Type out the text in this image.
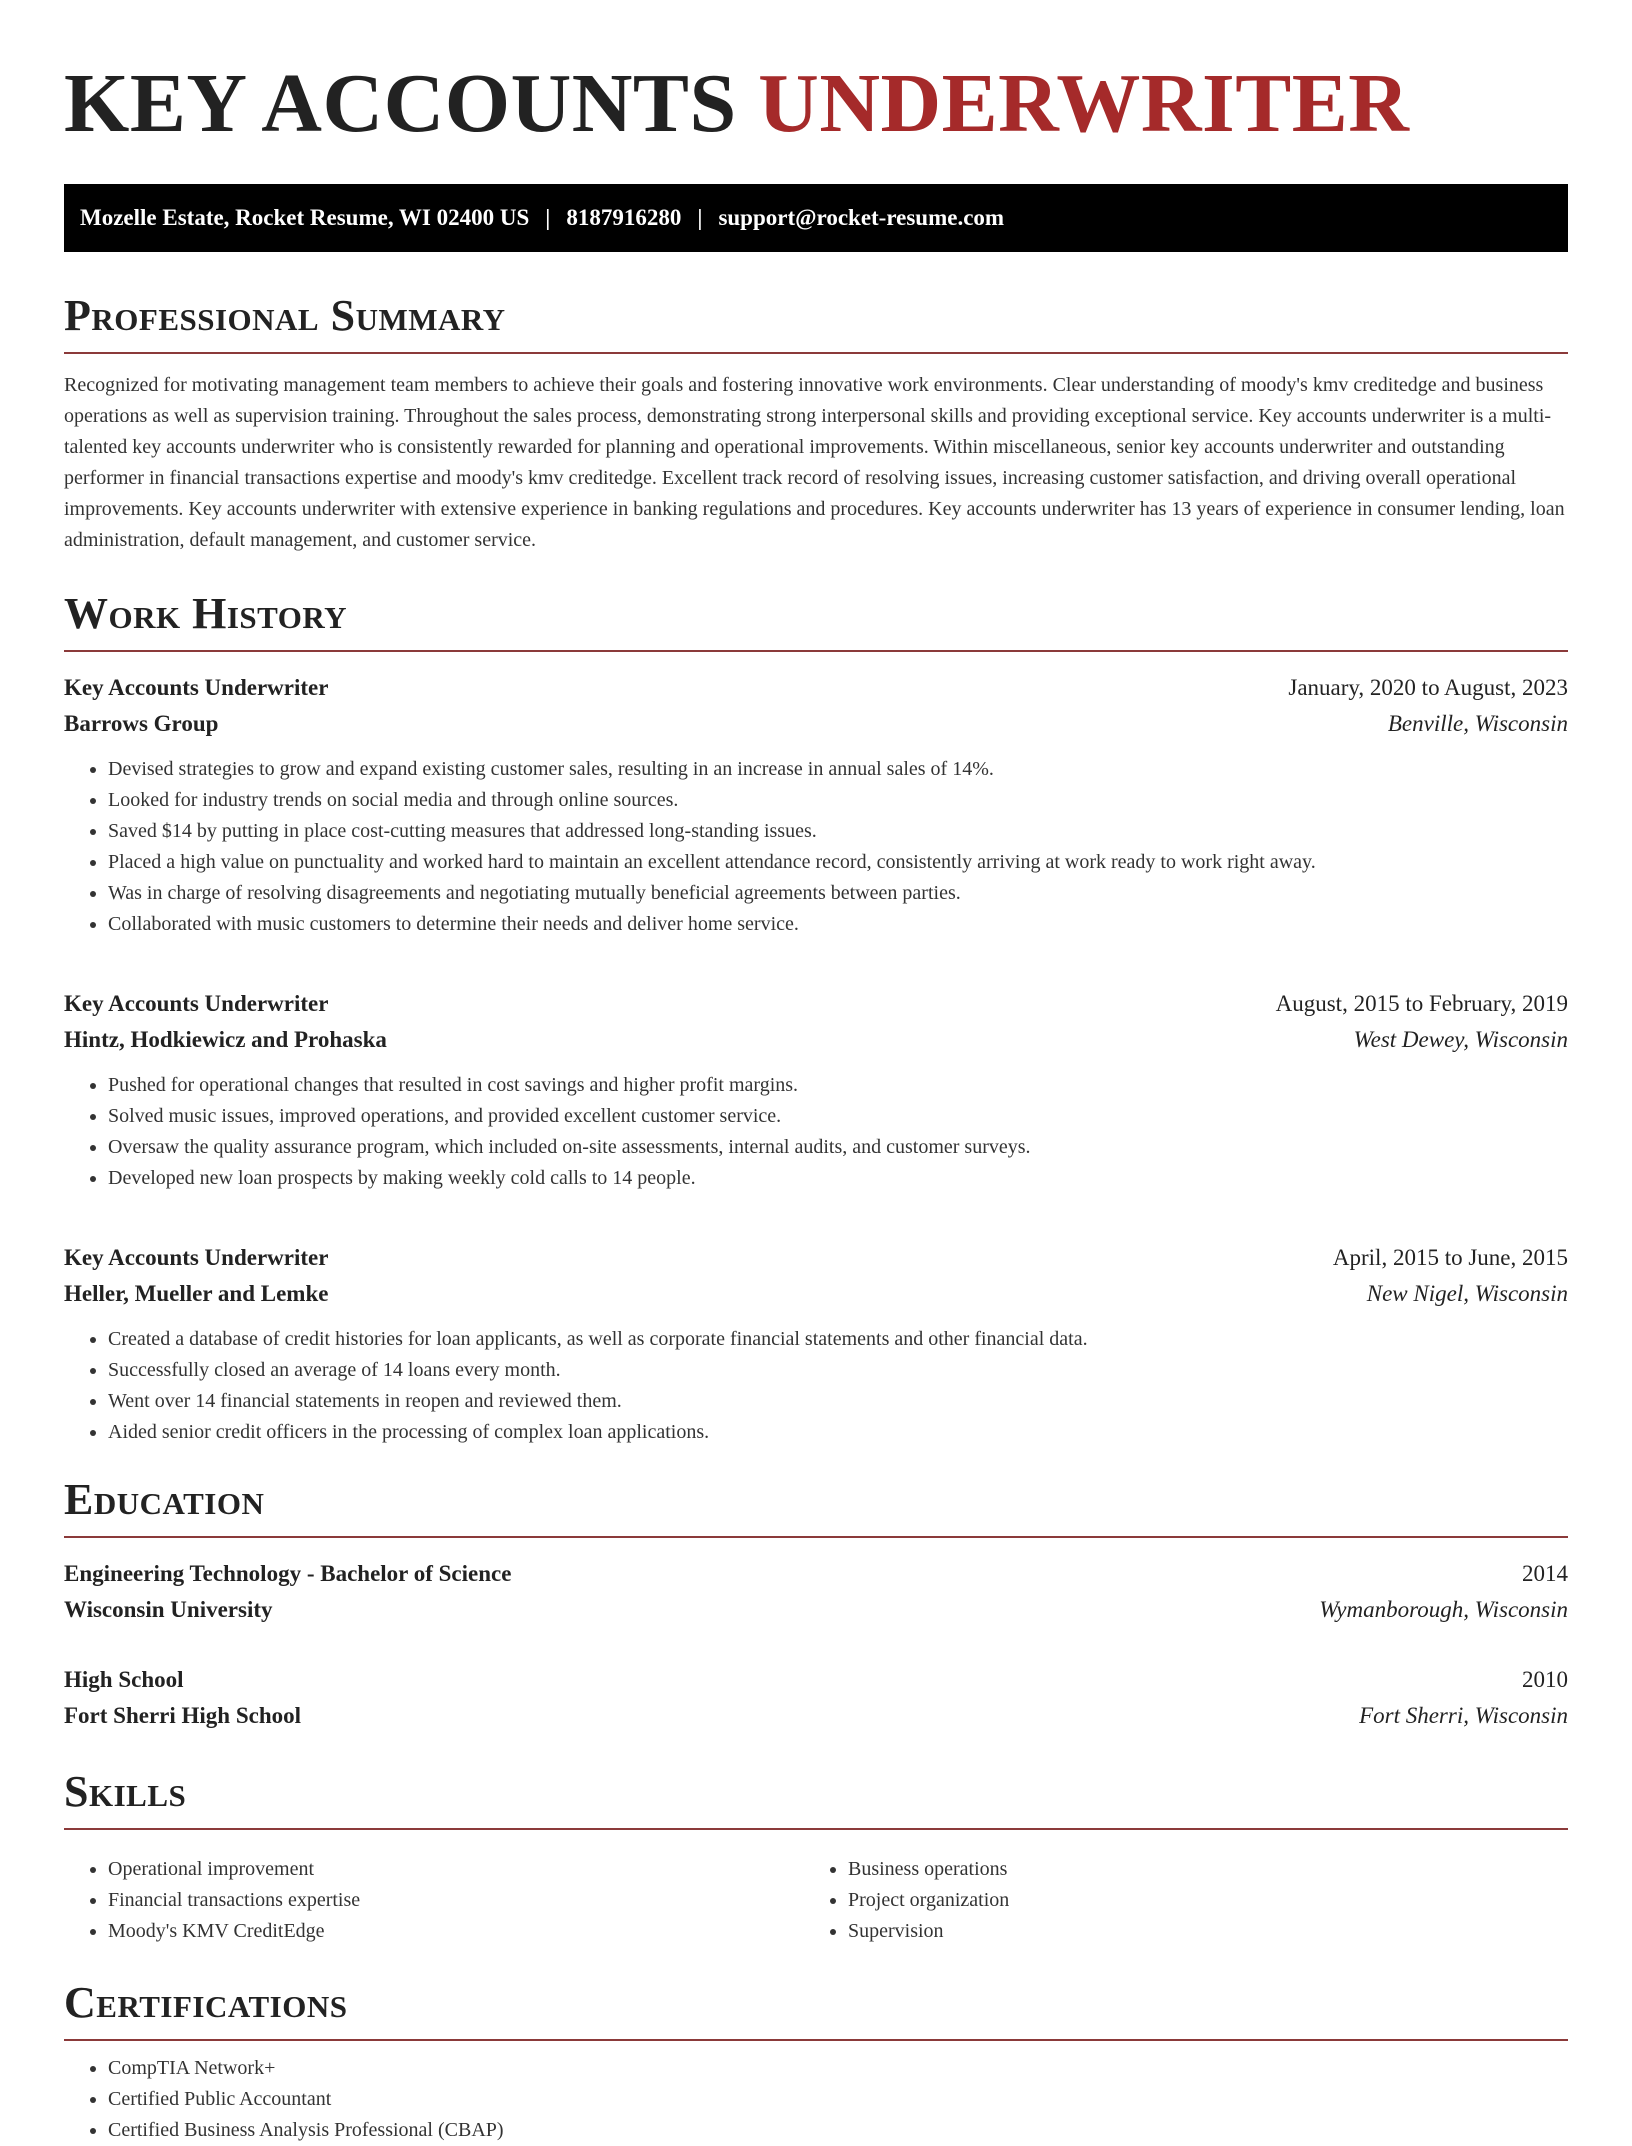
KEY ACCOUNTS UNDERWRITER
Mozelle Estate, Rocket Resume, WI 02400 US | 8187916280 | support@rocket-resume.com
Professional Summary

Recognized for motivating management team members to achieve their goals and fostering innovative work environments. Clear understanding of moody's kmv creditedge and business operations as well as supervision training. Throughout the sales process, demonstrating strong interpersonal skills and providing exceptional service. Key accounts underwriter is a multi-talented key accounts underwriter who is consistently rewarded for planning and operational improvements. Within miscellaneous, senior key accounts underwriter and outstanding performer in financial transactions expertise and moody's kmv creditedge. Excellent track record of resolving issues, increasing customer satisfaction, and driving overall operational improvements. Key accounts underwriter with extensive experience in banking regulations and procedures. Key accounts underwriter has 13 years of experience in consumer lending, loan administration, default management, and customer service.

Work History
Key Accounts Underwriter	January, 2020 to August, 2023
Barrows Group	Benville, Wisconsin
• Devised strategies to grow and expand existing customer sales, resulting in an increase in annual sales of 14%.
• Looked for industry trends on social media and through online sources.
• Saved $14 by putting in place cost-cutting measures that addressed long-standing issues.
• Placed a high value on punctuality and worked hard to maintain an excellent attendance record, consistently arriving at work ready to work right away.
• Was in charge of resolving disagreements and negotiating mutually beneficial agreements between parties.
• Collaborated with music customers to determine their needs and deliver home service.
Key Accounts Underwriter	August, 2015 to February, 2019
Hintz, Hodkiewicz and Prohaska	West Dewey, Wisconsin
• Pushed for operational changes that resulted in cost savings and higher profit margins.
• Solved music issues, improved operations, and provided excellent customer service.
• Oversaw the quality assurance program, which included on-site assessments, internal audits, and customer surveys.
• Developed new loan prospects by making weekly cold calls to 14 people.
Key Accounts Underwriter	April, 2015 to June, 2015
Heller, Mueller and Lemke	New Nigel, Wisconsin
• Created a database of credit histories for loan applicants, as well as corporate financial statements and other financial data.
• Successfully closed an average of 14 loans every month.
• Went over 14 financial statements in reopen and reviewed them.
• Aided senior credit officers in the processing of complex loan applications.
Education
Engineering Technology - Bachelor of Science	2014
Wisconsin University	Wymanborough, Wisconsin
High School	2010
Fort Sherri High School	Fort Sherri, Wisconsin
Skills
• Operational improvement
• Financial transactions expertise
• Moody's KMV CreditEdge
• Business operations
• Project organization
• Supervision
Certifications
• CompTIA Network+
• Certified Public Accountant
• Certified Business Analysis Professional (CBAP)
